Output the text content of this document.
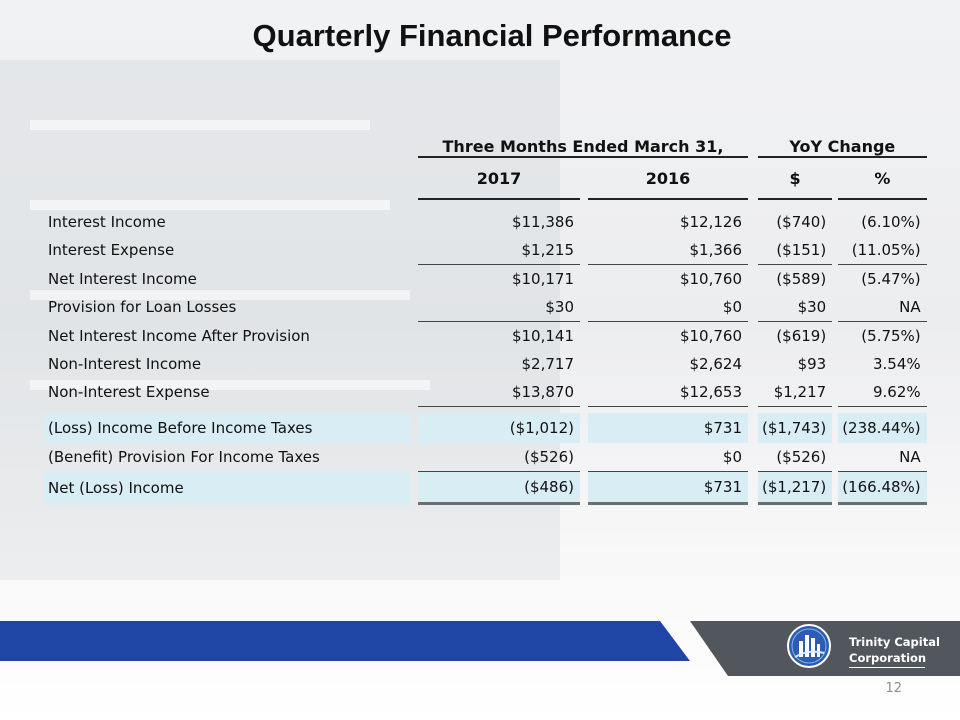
Quarterly Financial Performance
		Three Months Ended March 31,				YoY Change		
		2017		2016		$		%

Interest Income		$11,386		$12,126		($740)		(6.10%)
Interest Expense		$1,215		$1,366		($151)		(11.05%)
Net Interest Income		$10,171		$10,760		($589)		(5.47%)
Provision for Loan Losses		$30		$0		$30		NA
Net Interest Income After Provision		$10,141		$10,760		($619)		(5.75%)
Non-Interest Income		$2,717		$2,624		$93		3.54%
Non-Interest Expense		$13,870		$12,653		$1,217		9.62%

(Loss) Income Before Income Taxes		($1,012)		$731		($1,743)		(238.44%)
(Benefit) Provision For Income Taxes		($526)		$0		($526)		NA
Net (Loss) Income		($486)		$731		($1,217)		(166.48%)
Trinity Capital

Corporation
12
